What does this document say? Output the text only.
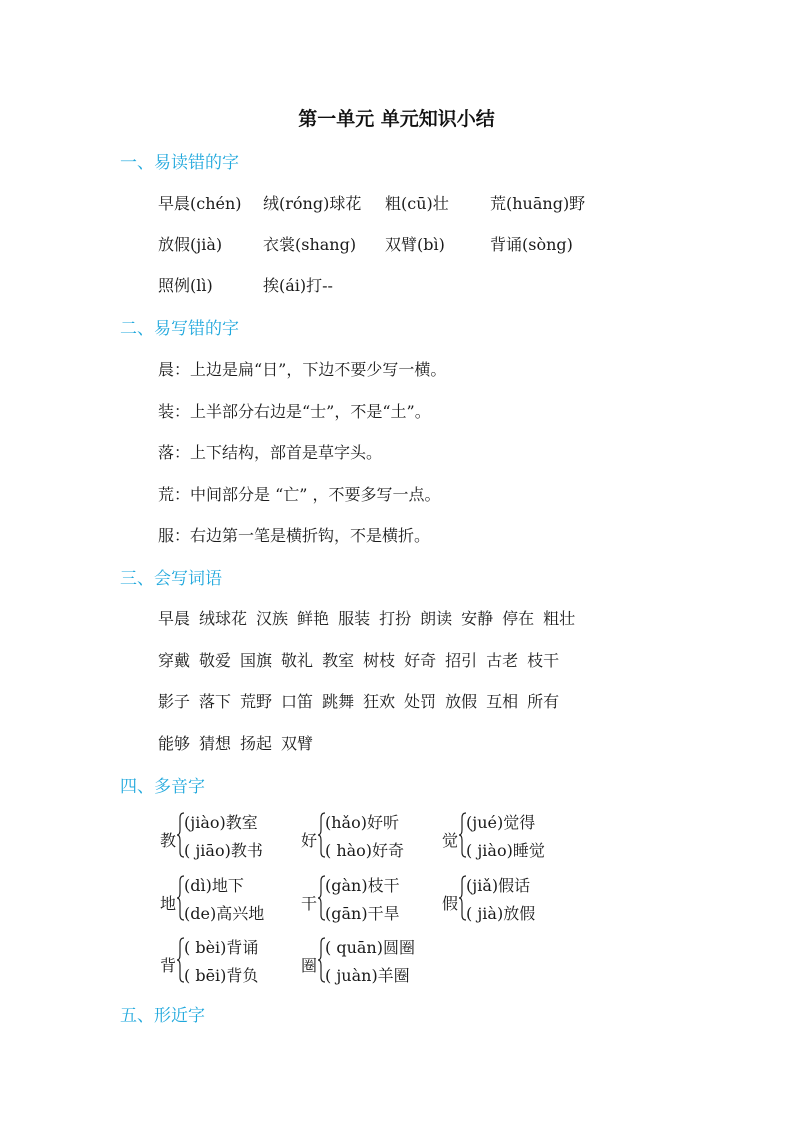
第一单元 单元知识小结
一、易读错的字
早晨(chén) 绒(róng)球花 粗(cū)壮	荒(huāng)野
放假(jià)	衣裳(shang) 双臂(bì)	背诵(sòng)
照例(lì)	挨(ái)打--
二、易写错的字
晨：上边是扁“日”，下边不要少写一横。
装：上半部分右边是“士”，不是“土”。
落：上下结构，部首是草字头。
荒：中间部分是 “亡” ，不要多写一点。
服：右边第一笔是横折钩，不是横折。
三、会写词语
早晨 绒球花 汉族 鲜艳 服装 打扮 朗读 安静 停在 粗壮
穿戴 敬爱 国旗 敬礼 教室 树枝 好奇 招引 古老 枝干
影子 落下 荒野 口笛 跳舞 狂欢 处罚 放假 互相 所有
能够 猜想 扬起 双臂
四、多音字
教
(jiào)教室
( jiāo)教书
好
(hǎo)好听
( hào)好奇
觉
(jué)觉得
( jiào)睡觉
地
(dì)地下
(de)高兴地
干
(gàn)枝干
(gān)干旱
假
(jiǎ)假话
( jià)放假
背
( bèi)背诵
( bēi)背负
圈
( quān)圆圈
( juàn)羊圈
五、形近字
